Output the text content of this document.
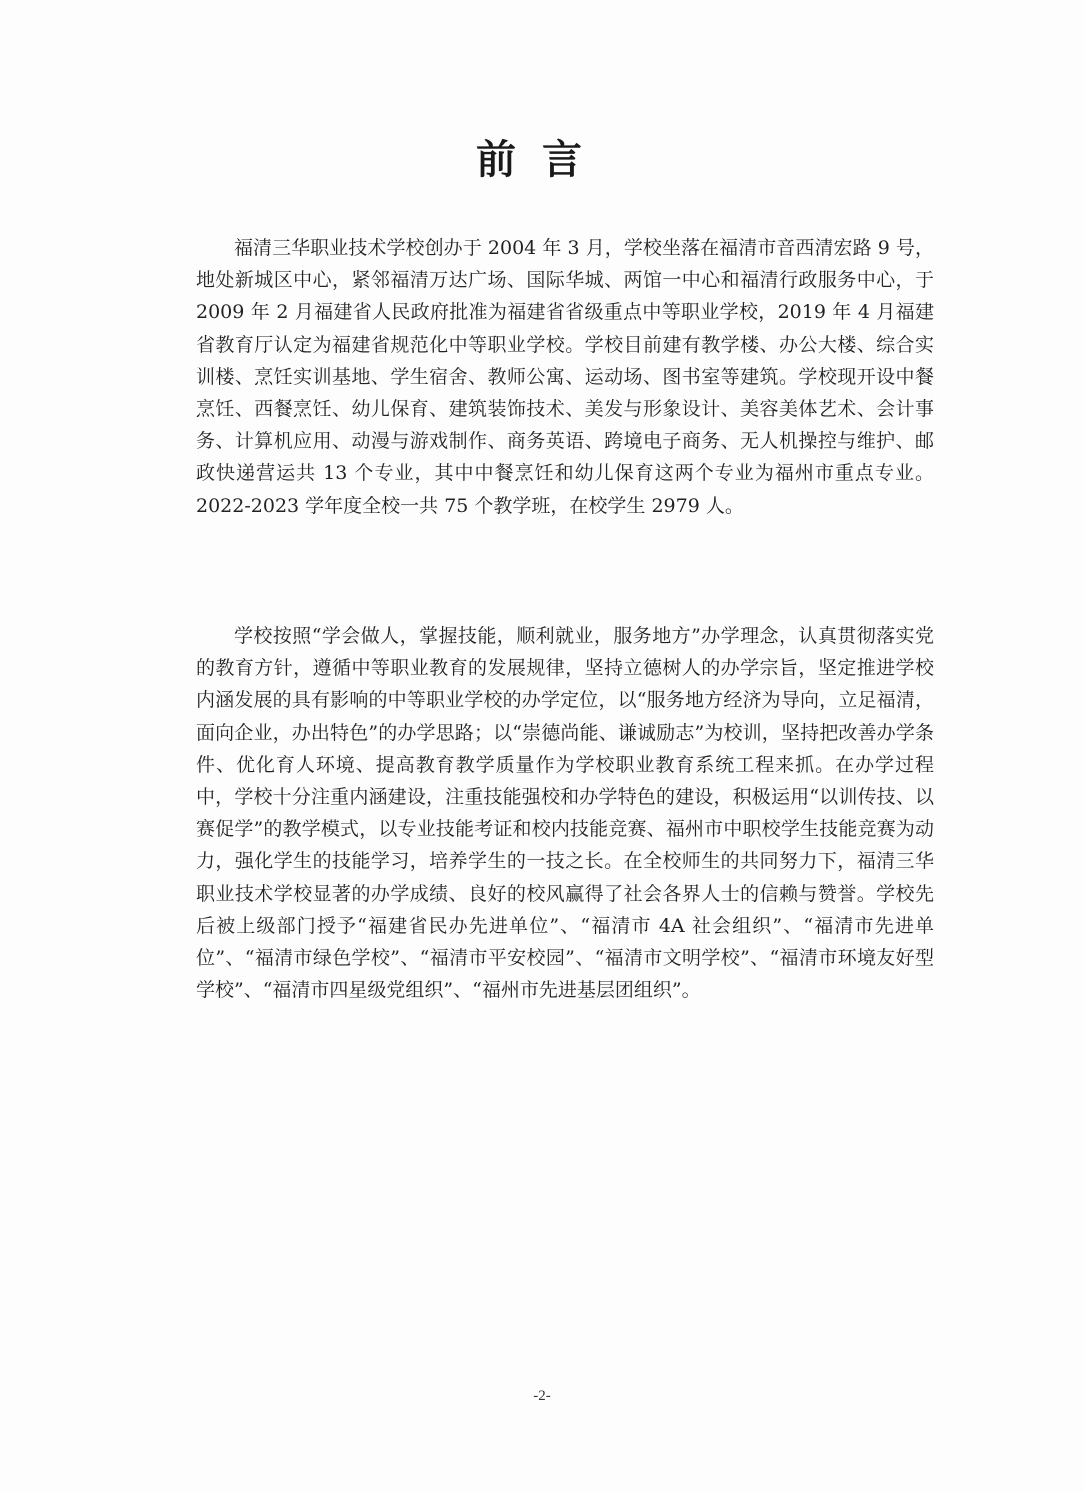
前言
福清三华职业技术学校创办于 2004 年 3 月，学校坐落在福清市音西清宏路 9 号，地处新城区中心，紧邻福清万达广场、国际华城、两馆一中心和福清行政服务中心，于 2009 年 2 月福建省人民政府批准为福建省省级重点中等职业学校，2019 年 4 月福建省教育厅认定为福建省规范化中等职业学校。学校目前建有教学楼、办公大楼、综合实训楼、烹饪实训基地、学生宿舍、教师公寓、运动场、图书室等建筑。学校现开设中餐烹饪、西餐烹饪、幼儿保育、建筑装饰技术、美发与形象设计、美容美体艺术、会计事务、计算机应用、动漫与游戏制作、商务英语、跨境电子商务、无人机操控与维护、邮政快递营运共 13 个专业，其中中餐烹饪和幼儿保育这两个专业为福州市重点专业。2022-2023 学年度全校一共 75 个教学班，在校学生 2979 人。
学校按照“学会做人，掌握技能，顺利就业，服务地方”办学理念，认真贯彻落实党的教育方针，遵循中等职业教育的发展规律，坚持立德树人的办学宗旨，坚定推进学校内涵发展的具有影响的中等职业学校的办学定位，以“服务地方经济为导向，立足福清，面向企业，办出特色”的办学思路；以“崇德尚能、谦诚励志”为校训，坚持把改善办学条件、优化育人环境、提高教育教学质量作为学校职业教育系统工程来抓。在办学过程中，学校十分注重内涵建设，注重技能强校和办学特色的建设，积极运用“以训传技、以赛促学”的教学模式，以专业技能考证和校内技能竞赛、福州市中职校学生技能竞赛为动力，强化学生的技能学习，培养学生的一技之长。在全校师生的共同努力下，福清三华职业技术学校显著的办学成绩、良好的校风赢得了社会各界人士的信赖与赞誉。学校先后被上级部门授予“福建省民办先进单位”、“福清市 4A 社会组织”、“福清市先进单位”、“福清市绿色学校”、“福清市平安校园”、“福清市文明学校”、“福清市环境友好型学校”、“福清市四星级党组织”、“福州市先进基层团组织”。
-2-
